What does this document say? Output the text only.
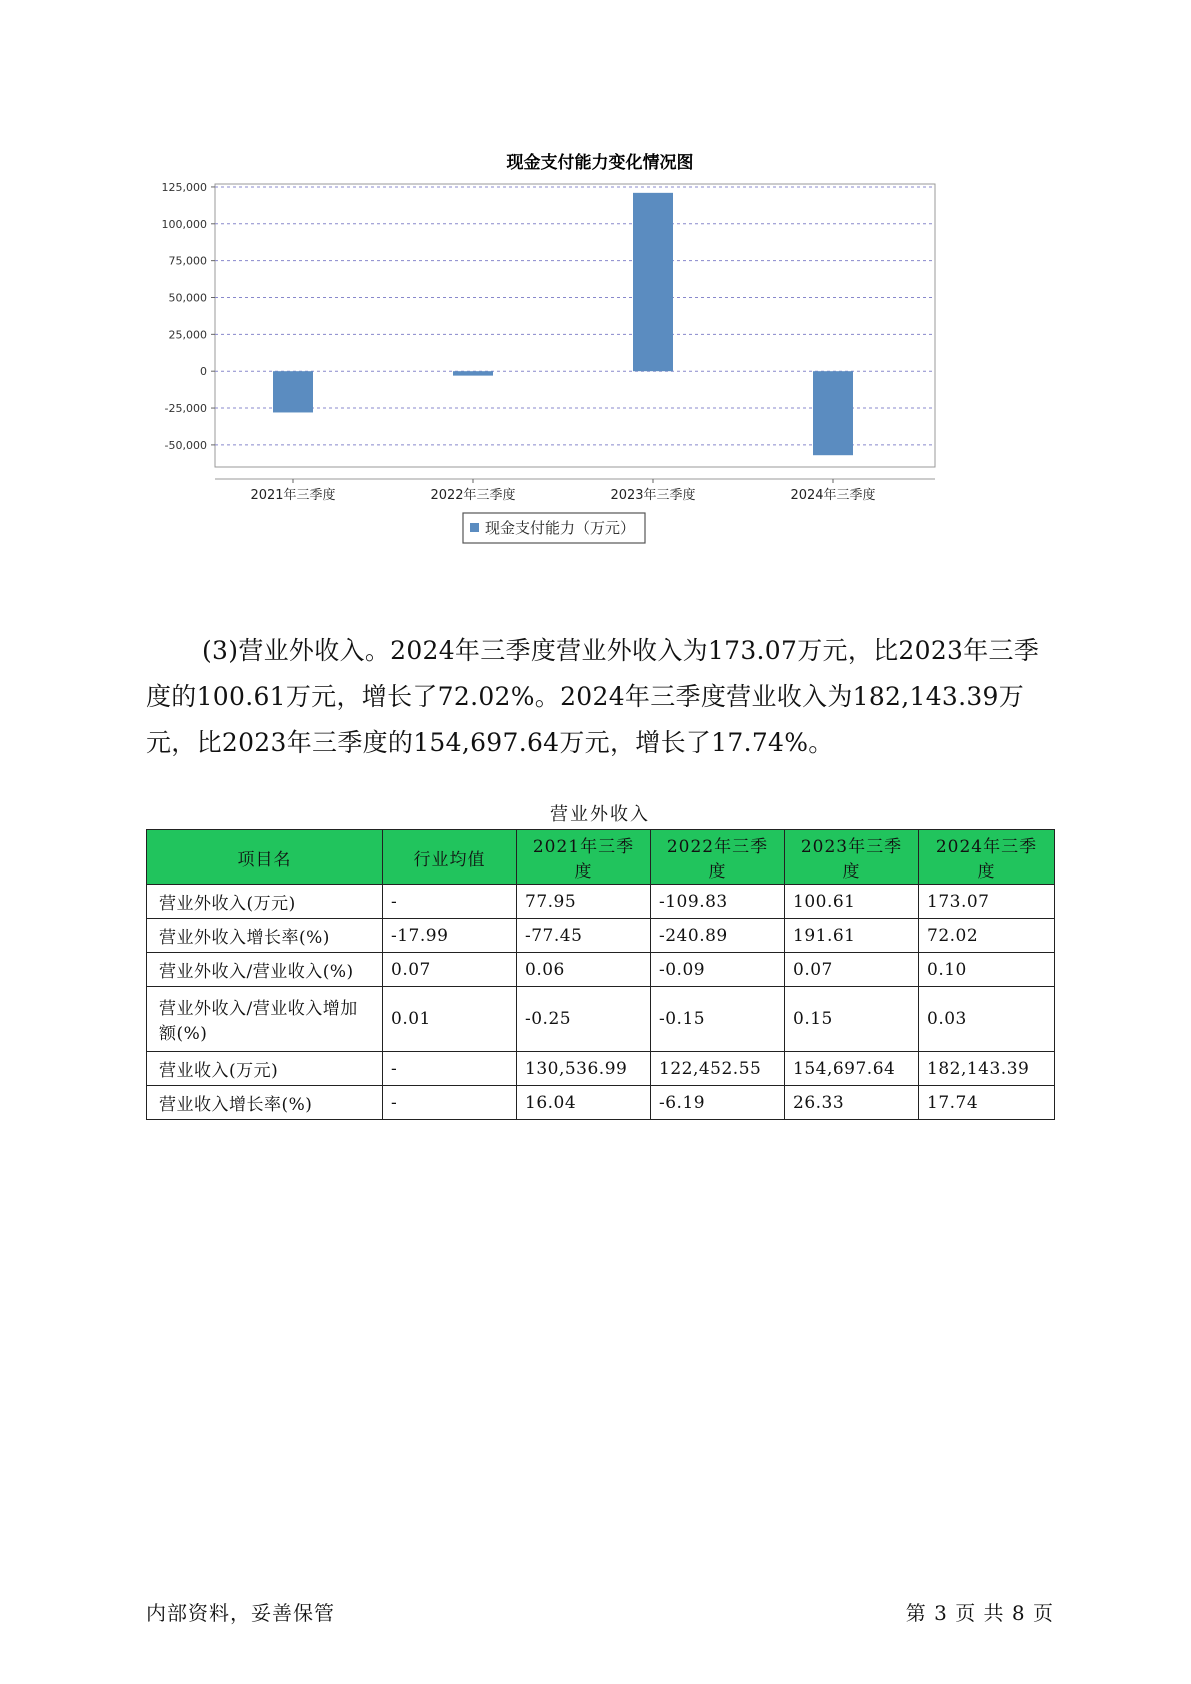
现金支付能力变化情况图
125,000
100,000
75,000
50,000
25,000
0
-25,000
-50,000
2021年三季度	2022年三季度	2023年三季度	2024年三季度
现金支付能力（万元）

(3)营业外收入。2024年三季度营业外收入为173.07万元，比2023年三季度的100.61万元，增长了72.02%。2024年三季度营业收入为182,143.39万元，比2023年三季度的154,697.64万元，增长了17.74%。

营业外收入
项目名	行业均值	2021年三季度	2022年三季度	2023年三季度	2024年三季度
营业外收入(万元)	-	77.95	-109.83	100.61	173.07
营业外收入增长率(%)	-17.99	-77.45	-240.89	191.61	72.02
营业外收入/营业收入(%)	0.07	0.06	-0.09	0.07	0.10
营业外收入/营业收入增加额(%)	0.01	-0.25	-0.15	0.15	0.03
营业收入(万元)	-	130,536.99	122,452.55	154,697.64	182,143.39
营业收入增长率(%)	-	16.04	-6.19	26.33	17.74
内部资料，妥善保管	第 3 页 共 8 页
